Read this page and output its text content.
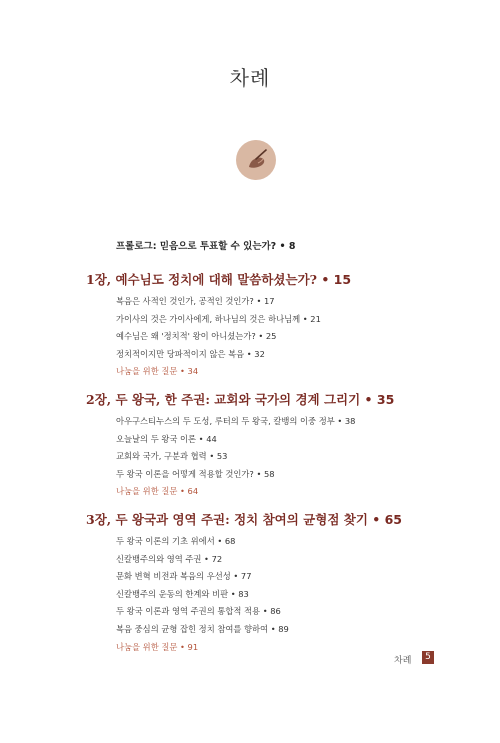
차례
프롤로그: 믿음으로 투표할 수 있는가? • 8
1장, 예수님도 정치에 대해 말씀하셨는가? • 15
복음은 사적인 것인가, 공적인 것인가? • 17
가이사의 것은 가이사에게, 하나님의 것은 하나님께 • 21
예수님은 왜 '정치적' 왕이 아니셨는가? • 25
정치적이지만 당파적이지 않은 복음 • 32
나눔을 위한 질문 • 34
2장, 두 왕국, 한 주권: 교회와 국가의 경계 그리기 • 35
아우구스티누스의 두 도성, 루터의 두 왕국, 칼뱅의 이중 정부 • 38
오늘날의 두 왕국 이론 • 44
교회와 국가, 구분과 협력 • 53
두 왕국 이론을 어떻게 적용할 것인가? • 58
나눔을 위한 질문 • 64
3장, 두 왕국과 영역 주권: 정치 참여의 균형점 찾기 • 65
두 왕국 이론의 기초 위에서 • 68
신칼뱅주의와 영역 주권 • 72
문화 변혁 비전과 복음의 우선성 • 77
신칼뱅주의 운동의 한계와 비판 • 83
두 왕국 이론과 영역 주권의 통합적 적용 • 86
복음 중심의 균형 잡힌 정치 참여를 향하여 • 89
나눔을 위한 질문 • 91
차례	5
